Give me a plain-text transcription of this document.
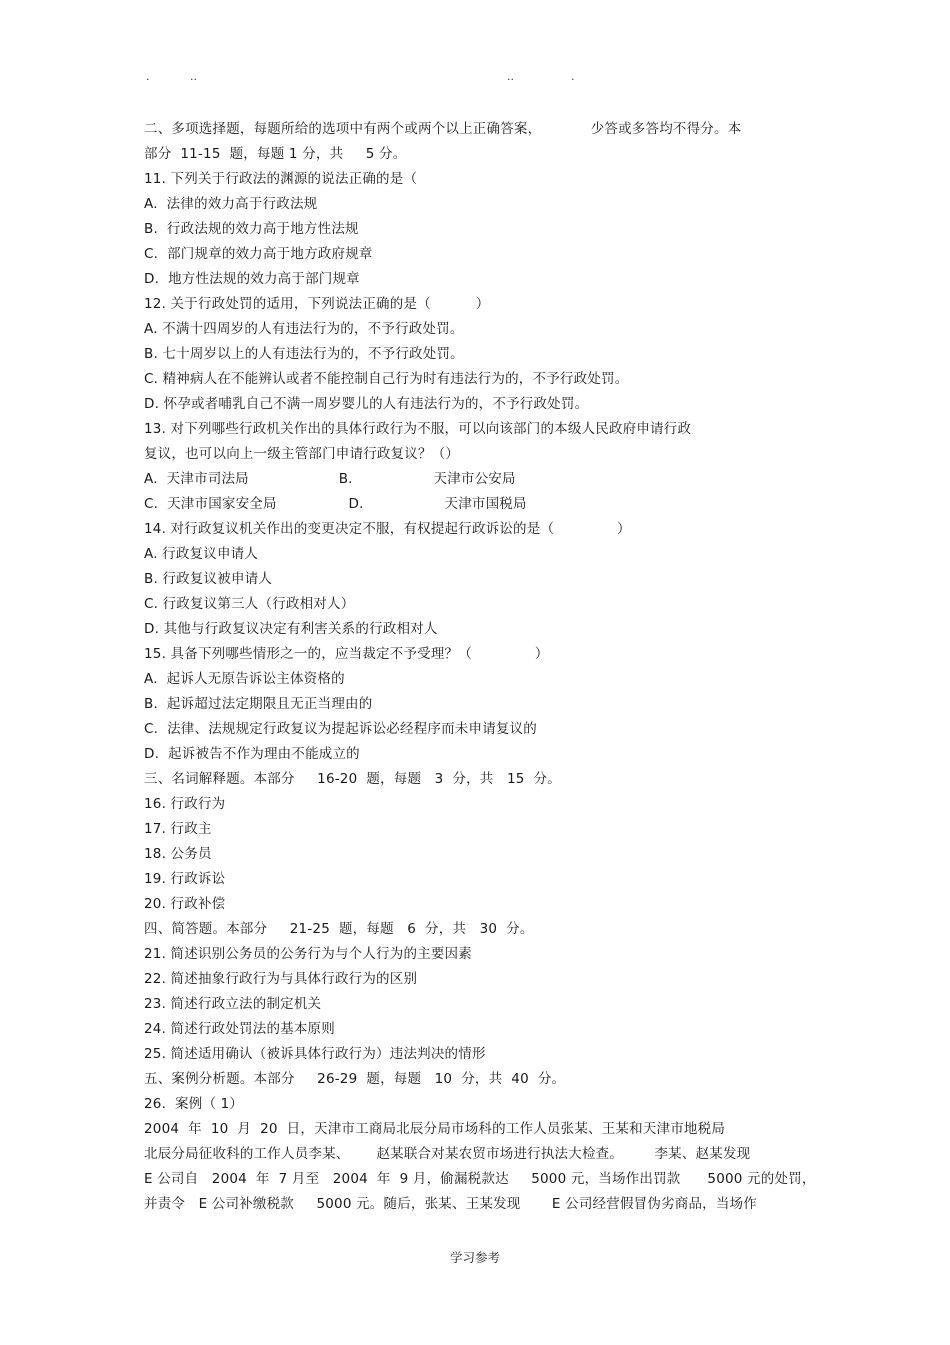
.	..	..	.
二、多项选择题，每题所给的选项中有两个或两个以上正确答案，           少答或多答均不得分。本
部分  11-15  题，每题 1 分，共     5 分。
11. 下列关于行政法的渊源的说法正确的是（
A.  法律的效力高于行政法规
B.  行政法规的效力高于地方性法规
C.  部门规章的效力高于地方政府规章
D.  地方性法规的效力高于部门规章
12. 关于行政处罚的适用，下列说法正确的是（          ）
A. 不满十四周岁的人有违法行为的，不予行政处罚。
B. 七十周岁以上的人有违法行为的，不予行政处罚。
C. 精神病人在不能辨认或者不能控制自己行为时有违法行为的，不予行政处罚。
D. 怀孕或者哺乳自己不满一周岁婴儿的人有违法行为的，不予行政处罚。
13. 对下列哪些行政机关作出的具体行政行为不服，可以向该部门的本级人民政府申请行政
复议，也可以向上一级主管部门申请行政复议？（）
A.  天津市司法局                    B.                  天津市公安局
C.  天津市国家安全局                D.                  天津市国税局
14. 对行政复议机关作出的变更决定不服，有权提起行政诉讼的是（              ）
A. 行政复议申请人
B. 行政复议被申请人
C. 行政复议第三人（行政相对人）
D. 其他与行政复议决定有利害关系的行政相对人
15. 具备下列哪些情形之一的，应当裁定不予受理？（              ）
A.  起诉人无原告诉讼主体资格的
B.  起诉超过法定期限且无正当理由的
C.  法律、法规规定行政复议为提起诉讼必经程序而未申请复议的
D.  起诉被告不作为理由不能成立的
三、名词解释题。本部分     16-20  题，每题   3  分，共   15  分。
16. 行政行为
17. 行政主
18. 公务员
19. 行政诉讼
20. 行政补偿
四、简答题。本部分     21-25  题，每题   6  分，共   30  分。
21. 简述识别公务员的公务行为与个人行为的主要因素
22. 简述抽象行政行为与具体行政行为的区别
23. 简述行政立法的制定机关
24. 简述行政处罚法的基本原则
25. 简述适用确认（被诉具体行政行为）违法判决的情形
五、案例分析题。本部分     26-29  题，每题   10  分，共  40  分。
26.  案例（ 1）
2004  年  10  月  20  日，天津市工商局北辰分局市场科的工作人员张某、王某和天津市地税局
北辰分局征收科的工作人员李某、      赵某联合对某农贸市场进行执法大检查。       李某、赵某发现
E 公司自   2004  年  7 月至   2004  年  9 月，偷漏税款达     5000 元，当场作出罚款      5000 元的处罚，
并责令   E 公司补缴税款     5000 元。随后，张某、王某发现       E 公司经营假冒伪劣商品，当场作
学习参考
